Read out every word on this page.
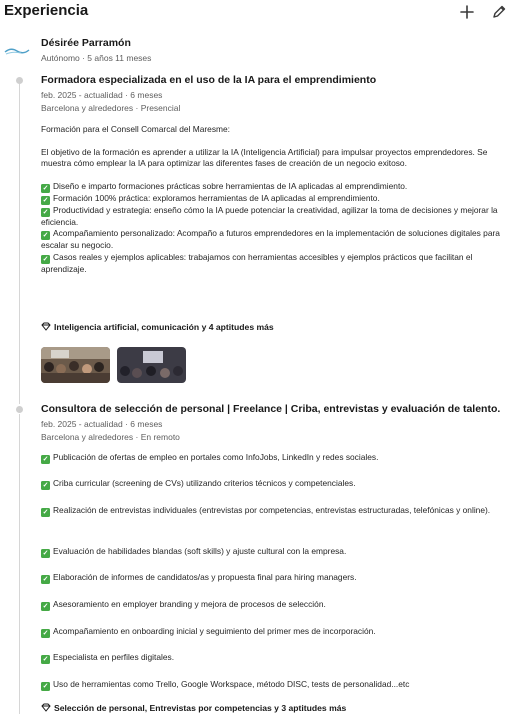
Experiencia
Désirée Parramón
Autónomo · 5 años 11 meses
Formadora especializada en el uso de la IA para el emprendimiento
feb. 2025 - actualidad · 6 meses
Barcelona y alrededores · Presencial
Formación para el Consell Comarcal del Maresme:
El objetivo de la formación es aprender a utilizar la IA (Inteligencia Artificial) para impulsar proyectos emprendedores. Se muestra cómo emplear la IA para optimizar las diferentes fases de creación de un negocio exitoso.
✓ Diseño e imparto formaciones prácticas sobre herramientas de IA aplicadas al emprendimiento.
✓ Formación 100% práctica: exploramos herramientas de IA aplicadas al emprendimiento.
✓ Productividad y estrategia: enseño cómo la IA puede potenciar la creatividad, agilizar la toma de decisiones y mejorar la eficiencia.
✓ Acompañamiento personalizado: Acompaño a futuros emprendedores en la implementación de soluciones digitales para escalar su negocio.
✓ Casos reales y ejemplos aplicables: trabajamos con herramientas accesibles y ejemplos prácticos que facilitan el aprendizaje.
Inteligencia artificial, comunicación y 4 aptitudes más
Consultora de selección de personal | Freelance | Criba, entrevistas y evaluación de talento.
feb. 2025 - actualidad · 6 meses
Barcelona y alrededores · En remoto
✓ Publicación de ofertas de empleo en portales como InfoJobs, LinkedIn y redes sociales.
✓ Criba curricular (screening de CVs) utilizando criterios técnicos y competenciales.
✓ Realización de entrevistas individuales (entrevistas por competencias, entrevistas estructuradas, telefónicas y online).
✓ Evaluación de habilidades blandas (soft skills) y ajuste cultural con la empresa.
✓ Elaboración de informes de candidatos/as y propuesta final para hiring managers.
✓ Asesoramiento en employer branding y mejora de procesos de selección.
✓ Acompañamiento en onboarding inicial y seguimiento del primer mes de incorporación.
✓ Especialista en perfiles digitales.
✓ Uso de herramientas como Trello, Google Workspace, método DISC, tests de personalidad...etc
Selección de personal, Entrevistas por competencias y 3 aptitudes más
